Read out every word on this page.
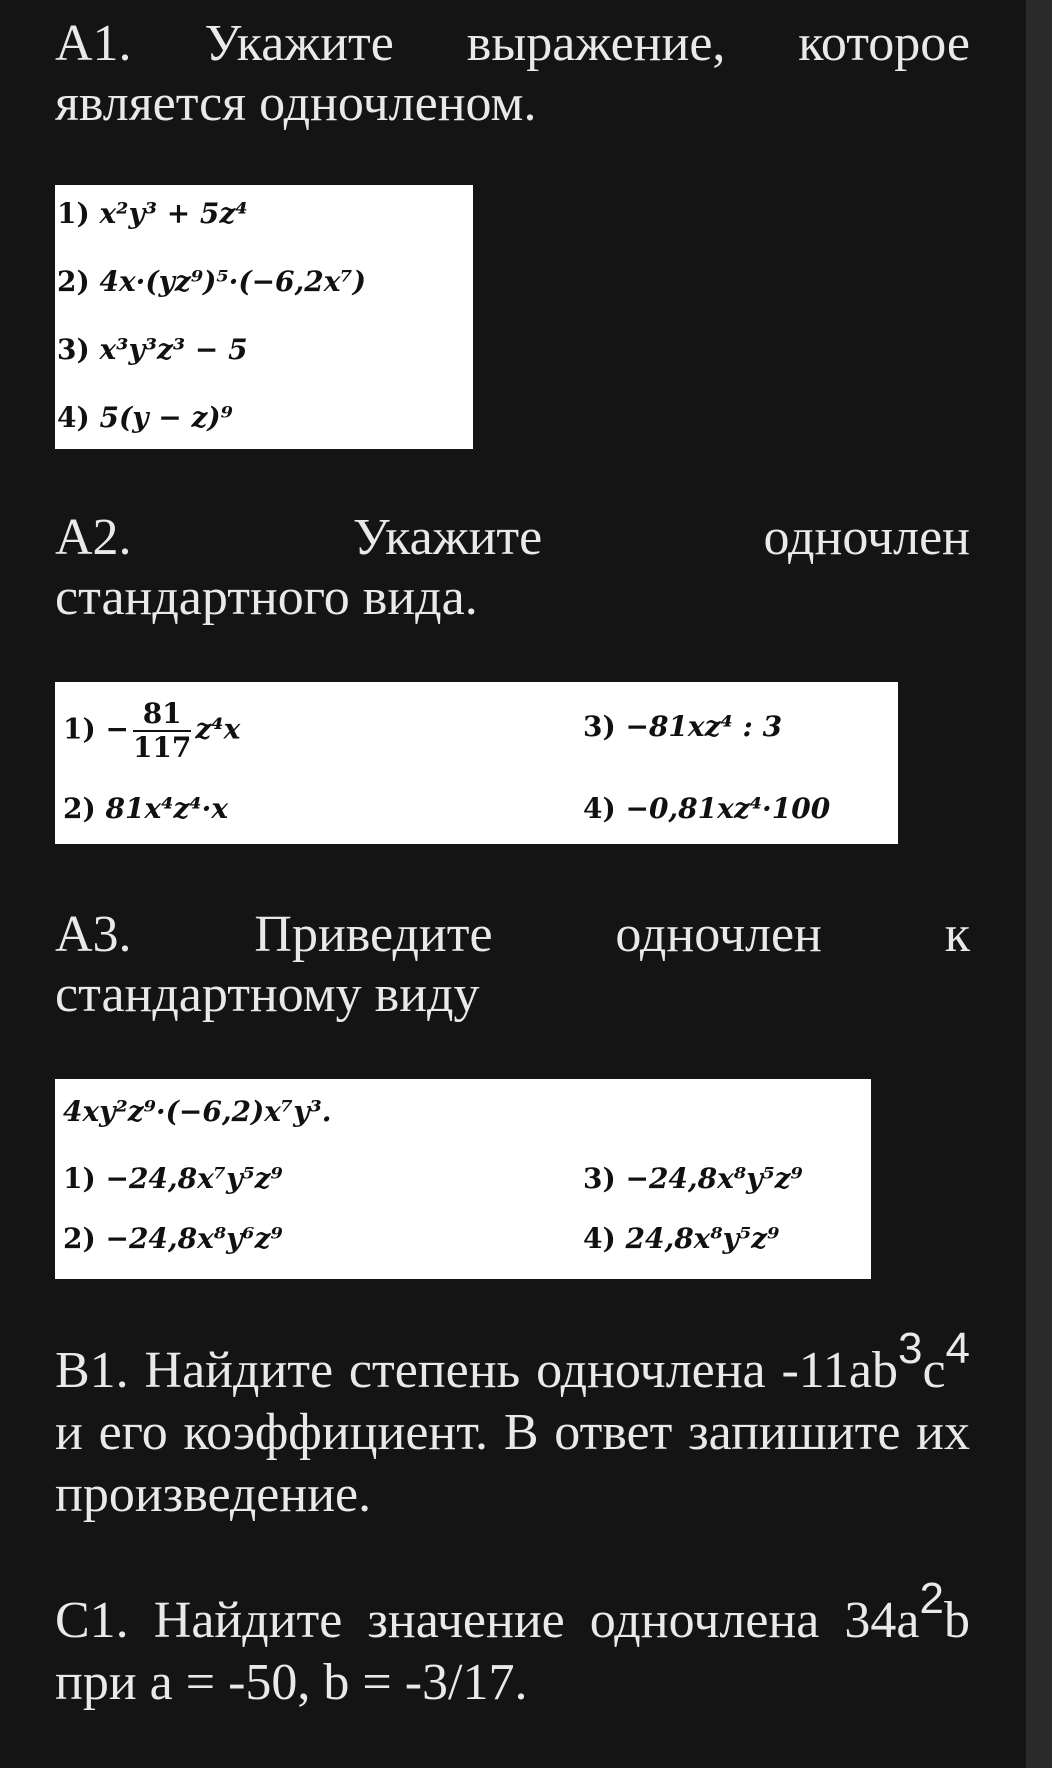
А1. Укажите выражение, которое является одночленом.
1) x²y³ + 5z⁴
2) 4x·(yz⁹)⁵·(−6,2x⁷)
3) x³y³z³ − 5
4) 5(y − z)⁹
А2.	Укажите	одночлен
стандартного вида.
$1) - \frac{81}{117} z^4x$
2) 81x⁴z⁴·x
3) −81xz⁴ : 3
4) −0,81xz⁴·100
А3. Приведите одночлен к
стандартному виду
4xy²z⁹·(−6,2)x⁷y³.
1) −24,8x⁷y⁵z⁹
2) −24,8x⁸y⁶z⁹
3) −24,8x⁸y⁵z⁹
4) 24,8x⁸y⁵z⁹
В1. Найдите степень одночлена $-11ab^3c^4$ и его коэффициент. В ответ запишите их произведение.
С1. Найдите значение одночлена $34a^2b$ при a = -50, b = -3/17.
